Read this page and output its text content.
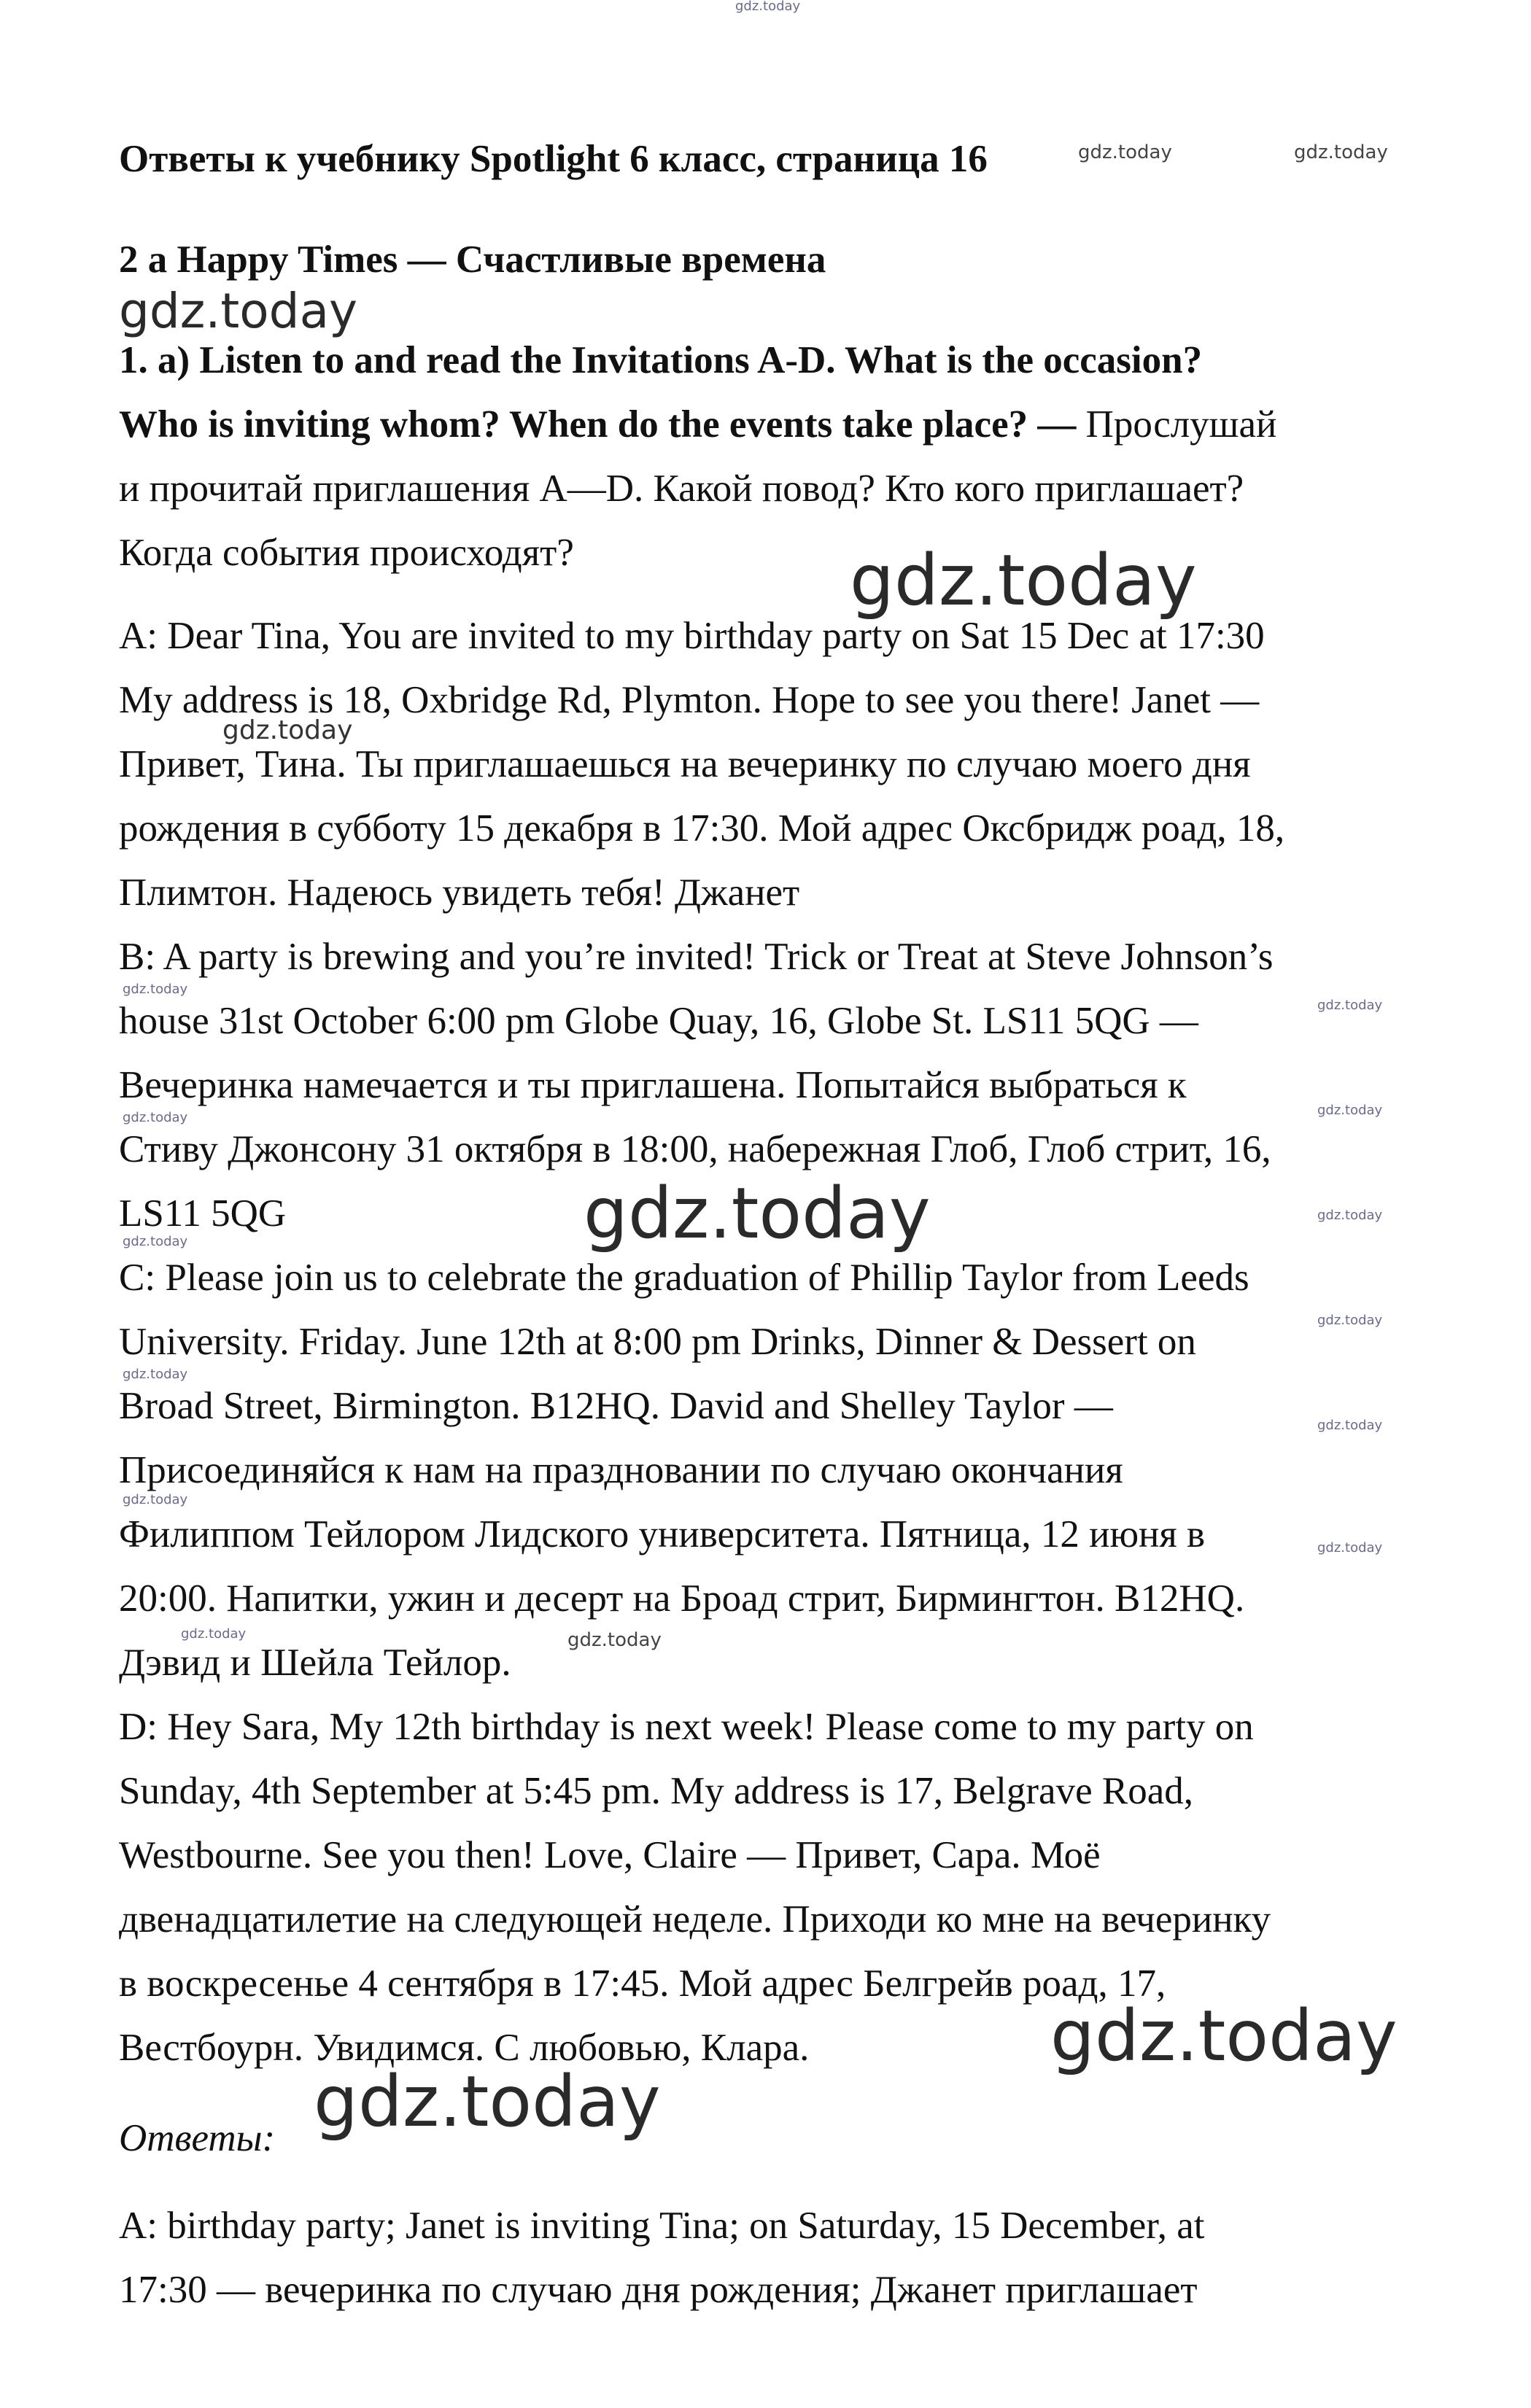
Ответы к учебнику Spotlight 6 класс, страница 16
2 a Happy Times — Счастливые времена
1. a) Listen to and read the Invitations A-D. What is the occasion?
Who is inviting whom? When do the events take place? — Прослушай
и прочитай приглашения A—D. Какой повод? Кто кого приглашает?
Когда события происходят?
A: Dear Tina, You are invited to my birthday party on Sat 15 Dec at 17:30
My address is 18, Oxbridge Rd, Plymton. Hope to see you there! Janet —
Привет, Тина. Ты приглашаешься на вечеринку по случаю моего дня
рождения в субботу 15 декабря в 17:30. Мой адрес Оксбридж роад, 18,
Плимтон. Надеюсь увидеть тебя! Джанет
B: A party is brewing and you’re invited! Trick or Treat at Steve Johnson’s
house 31st October 6:00 pm Globe Quay, 16, Globe St. LS11 5QG —
Вечеринка намечается и ты приглашена. Попытайся выбраться к
Стиву Джонсону 31 октября в 18:00, набережная Глоб, Глоб стрит, 16,
LS11 5QG
C: Please join us to celebrate the graduation of Phillip Taylor from Leeds
University. Friday. June 12th at 8:00 pm Drinks, Dinner & Dessert on
Broad Street, Birmington. B12HQ. David and Shelley Taylor —
Присоединяйся к нам на праздновании по случаю окончания
Филиппом Тейлором Лидского университета. Пятница, 12 июня в
20:00. Напитки, ужин и десерт на Броад стрит, Бирмингтон. B12HQ.
Дэвид и Шейла Тейлор.
D: Hey Sara, My 12th birthday is next week! Please come to my party on
Sunday, 4th September at 5:45 pm. My address is 17, Belgrave Road,
Westbourne. See you then! Love, Claire — Привет, Сара. Моё
двенадцатилетие на следующей неделе. Приходи ко мне на вечеринку
в воскресенье 4 сентября в 17:45. Мой адрес Белгрейв роад, 17,
Вестбоурн. Увидимся. С любовью, Клара.
Ответы:
A: birthday party; Janet is inviting Tina; on Saturday, 15 December, at
17:30 — вечеринка по случаю дня рождения; Джанет приглашает
gdz.today
gdz.today	gdz.today
gdz.today
gdz.today
gdz.today
gdz.today
gdz.today
gdz.today	gdz.today
gdz.today
gdz.today
gdz.today
gdz.today
gdz.today
gdz.today
gdz.today
gdz.today
gdz.today	gdz.today
gdz.today
gdz.today
